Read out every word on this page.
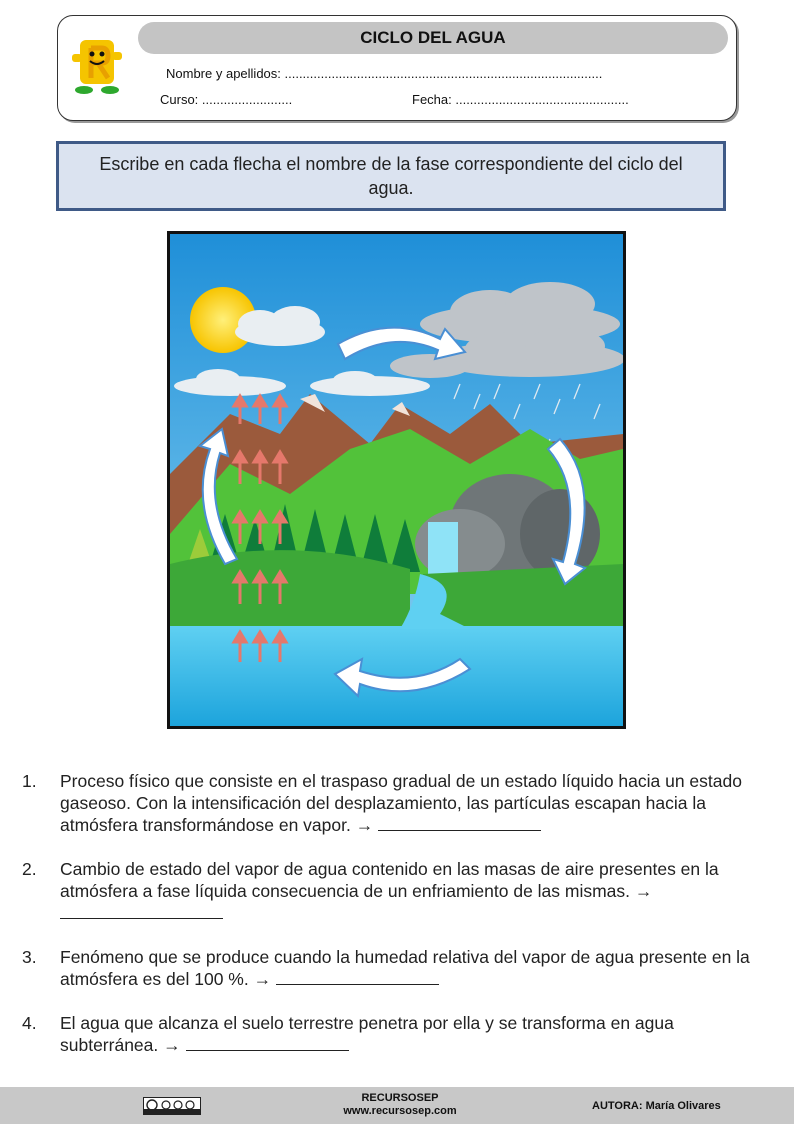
CICLO DEL AGUA
Nombre y apellidos: ........................................................................................
Curso: .........................	Fecha: ................................................
Escribe en cada flecha el nombre de la fase correspondiente del ciclo del agua.
1. Proceso físico que consiste en el traspaso gradual de un estado líquido hacia un estado gaseoso. Con la intensificación del desplazamiento, las partículas escapan hacia la atmósfera transformándose en vapor. →
2. Cambio de estado del vapor de agua contenido en las masas de aire presentes en la atmósfera a fase líquida consecuencia de un enfriamiento de las mismas. →
3. Fenómeno que se produce cuando la humedad relativa del vapor de agua presente en la atmósfera es del 100 %. →
4. El agua que alcanza el suelo terrestre penetra por ella y se transforma en agua subterránea. →
RECURSOSEP
www.recursosep.com	AUTORA: María Olivares
